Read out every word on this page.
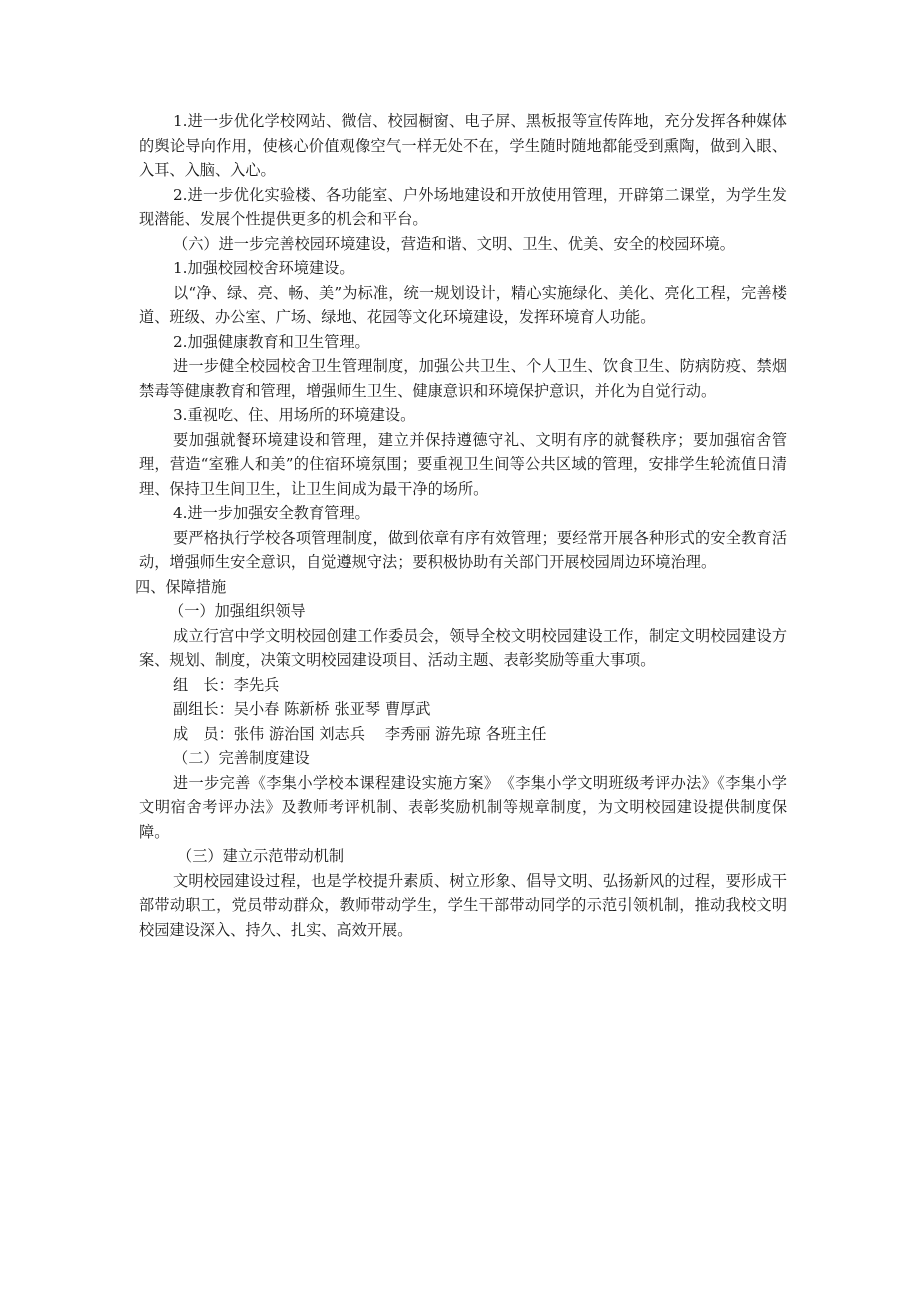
1.进一步优化学校网站、微信、校园橱窗、电子屏、黑板报等宣传阵地，充分发挥各种媒体的舆论导向作用，使核心价值观像空气一样无处不在，学生随时随地都能受到熏陶，做到入眼、入耳、入脑、入心。

2.进一步优化实验楼、各功能室、户外场地建设和开放使用管理，开辟第二课堂，为学生发现潜能、发展个性提供更多的机会和平台。

（六）进一步完善校园环境建设，营造和谐、文明、卫生、优美、安全的校园环境。

1.加强校园校舍环境建设。

以“净、绿、亮、畅、美”为标准，统一规划设计，精心实施绿化、美化、亮化工程，完善楼道、班级、办公室、广场、绿地、花园等文化环境建设，发挥环境育人功能。

2.加强健康教育和卫生管理。

进一步健全校园校舍卫生管理制度，加强公共卫生、个人卫生、饮食卫生、防病防疫、禁烟禁毒等健康教育和管理，增强师生卫生、健康意识和环境保护意识，并化为自觉行动。

3.重视吃、住、用场所的环境建设。

要加强就餐环境建设和管理，建立并保持遵德守礼、文明有序的就餐秩序；要加强宿舍管理，营造“室雅人和美”的住宿环境氛围；要重视卫生间等公共区域的管理，安排学生轮流值日清理、保持卫生间卫生，让卫生间成为最干净的场所。

4.进一步加强安全教育管理。

要严格执行学校各项管理制度，做到依章有序有效管理；要经常开展各种形式的安全教育活动，增强师生安全意识，自觉遵规守法；要积极协助有关部门开展校园周边环境治理。

四、保障措施

（一）加强组织领导

成立行宫中学文明校园创建工作委员会，领导全校文明校园建设工作，制定文明校园建设方案、规划、制度，决策文明校园建设项目、活动主题、表彰奖励等重大事项。

组　长：李先兵

副组长：吴小春 陈新桥 张亚琴 曹厚武

成　员：张伟 游治国 刘志兵　 李秀丽 游先琼 各班主任

（二）完善制度建设

进一步完善《李集小学校本课程建设实施方案》　《李集小学文明班级考评办法》《李集小学文明宿舍考评办法》及教师考评机制、表彰奖励机制等规章制度，为文明校园建设提供制度保障。

（三）建立示范带动机制

文明校园建设过程，也是学校提升素质、树立形象、倡导文明、弘扬新风的过程，要形成干部带动职工，党员带动群众，教师带动学生，学生干部带动同学的示范引领机制，推动我校文明校园建设深入、持久、扎实、高效开展。
